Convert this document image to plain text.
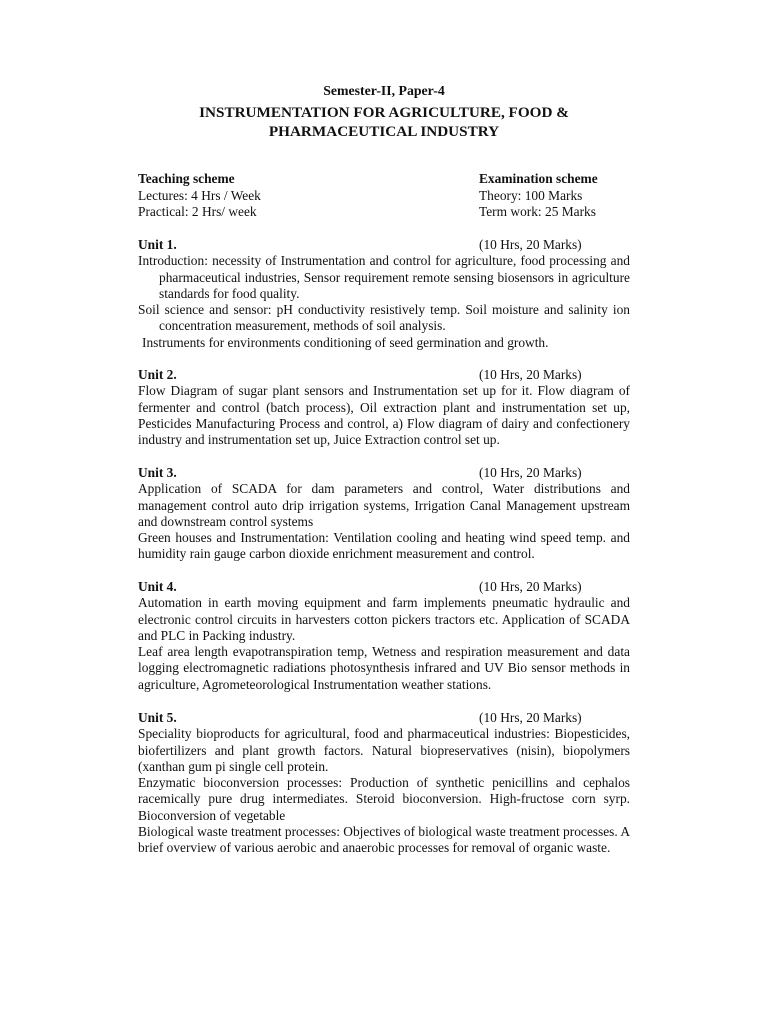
Semester-II, Paper-4
INSTRUMENTATION FOR AGRICULTURE, FOOD &
PHARMACEUTICAL INDUSTRY
Teaching scheme	Examination scheme
Lectures: 4 Hrs / Week	Theory: 100 Marks
Practical: 2 Hrs/ week	Term work: 25 Marks
Unit 1.	(10 Hrs, 20 Marks)

Introduction: necessity of Instrumentation and control for agriculture, food processing and pharmaceutical industries, Sensor requirement remote sensing biosensors in agriculture standards for food quality.

Soil science and sensor: pH conductivity resistively temp. Soil moisture and salinity ion concentration measurement, methods of soil analysis.

Instruments for environments conditioning of seed germination and growth.

Unit 2.	(10 Hrs, 20 Marks)

Flow Diagram of sugar plant sensors and Instrumentation set up for it. Flow diagram of fermenter and control (batch process), Oil extraction plant and instrumentation set up, Pesticides Manufacturing Process and control, a) Flow diagram of dairy and confectionery industry and instrumentation set up, Juice Extraction control set up.

Unit 3.	(10 Hrs, 20 Marks)

Application of SCADA for dam parameters and control, Water distributions and management control auto drip irrigation systems, Irrigation Canal Management upstream and downstream control systems

Green houses and Instrumentation: Ventilation cooling and heating wind speed temp. and humidity rain gauge carbon dioxide enrichment measurement and control.

Unit 4.	(10 Hrs, 20 Marks)

Automation in earth moving equipment and farm implements pneumatic hydraulic and electronic control circuits in harvesters cotton pickers tractors etc. Application of SCADA and PLC in Packing industry.

Leaf area length evapotranspiration temp, Wetness and respiration measurement and data logging electromagnetic radiations photosynthesis infrared and UV Bio sensor methods in agriculture, Agrometeorological Instrumentation weather stations.

Unit 5.	(10 Hrs, 20 Marks)

Speciality bioproducts for agricultural, food and pharmaceutical industries: Biopesticides, biofertilizers and plant growth factors. Natural biopreservatives (nisin), biopolymers (xanthan gum pi single cell protein.

Enzymatic bioconversion processes: Production of synthetic penicillins and cephalos racemically pure drug intermediates. Steroid bioconversion. High-fructose corn syrp. Bioconversion of vegetable

Biological waste treatment processes: Objectives of biological waste treatment processes. A brief overview of various aerobic and anaerobic processes for removal of organic waste.
